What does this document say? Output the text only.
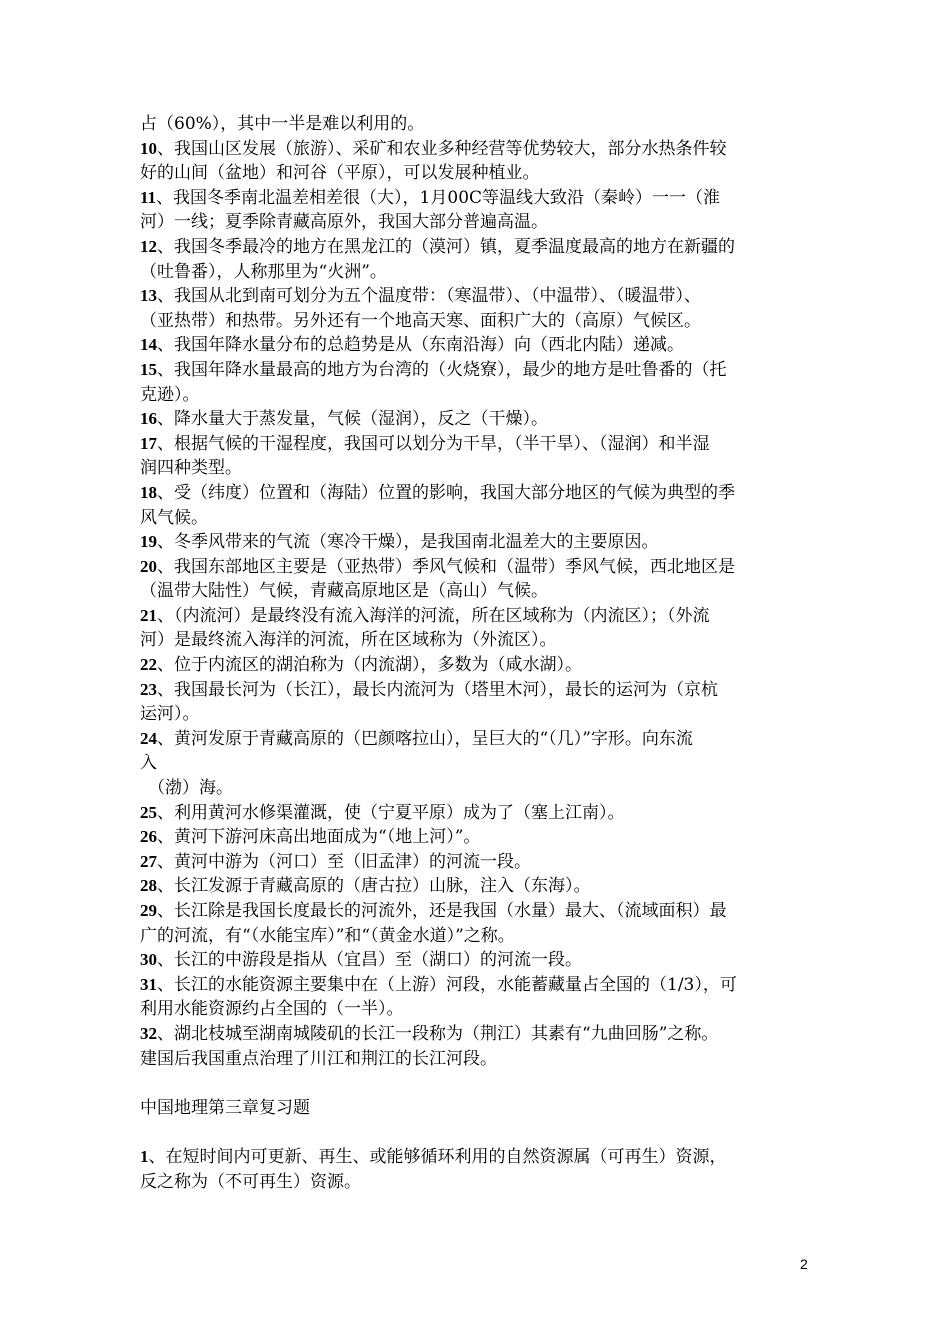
占（60%），其中一半是难以利用的。
10、我国山区发展（旅游）、采矿和农业多种经营等优势较大，部分水热条件较
好的山间（盆地）和河谷（平原），可以发展种植业。
11、我国冬季南北温差相差很（大），1月00C等温线大致沿（秦岭）一一（淮
河）一线；夏季除青藏高原外，我国大部分普遍高温。
12、我国冬季最冷的地方在黑龙江的（漠河）镇，夏季温度最高的地方在新疆的
（吐鲁番），人称那里为“火洲”。
13、我国从北到南可划分为五个温度带：（寒温带）、（中温带）、（暖温带）、
（亚热带）和热带。另外还有一个地高天寒、面积广大的（高原）气候区。
14、我国年降水量分布的总趋势是从（东南沿海）向（西北内陆）递减。
15、我国年降水量最高的地方为台湾的（火烧寮），最少的地方是吐鲁番的（托
克逊）。
16、降水量大于蒸发量，气候（湿润），反之（干燥）。
17、根据气候的干湿程度，我国可以划分为干旱，（半干旱）、（湿润）和半湿
润四种类型。
18、受（纬度）位置和（海陆）位置的影响，我国大部分地区的气候为典型的季
风气候。
19、冬季风带来的气流（寒冷干燥），是我国南北温差大的主要原因。
20、我国东部地区主要是（亚热带）季风气候和（温带）季风气候，西北地区是
（温带大陆性）气候，青藏高原地区是（高山）气候。
21、（内流河）是最终没有流入海洋的河流，所在区域称为（内流区）；（外流
河）是最终流入海洋的河流，所在区域称为（外流区）。
22、位于内流区的湖泊称为（内流湖），多数为（咸水湖）。
23、我国最长河为（长江），最长内流河为（塔里木河），最长的运河为（京杭
运河）。
24、黄河发原于青藏高原的（巴颜喀拉山），呈巨大的“（几）”字形。向东流
入
（渤）海。
25、利用黄河水修渠灌溉，使（宁夏平原）成为了（塞上江南）。
26、黄河下游河床高出地面成为“（地上河）”。
27、黄河中游为（河口）至（旧孟津）的河流一段。
28、长江发源于青藏高原的（唐古拉）山脉，注入（东海）。
29、长江除是我国长度最长的河流外，还是我国（水量）最大、（流域面积）最
广的河流，有“（水能宝库）”和“（黄金水道）”之称。
30、长江的中游段是指从（宜昌）至（湖口）的河流一段。
31、长江的水能资源主要集中在（上游）河段，水能蓄藏量占全国的（1/3），可
利用水能资源约占全国的（一半）。
32、湖北枝城至湖南城陵矶的长江一段称为（荆江）其素有“九曲回肠”之称。
建国后我国重点治理了川江和荆江的长江河段。
中国地理第三章复习题
1、在短时间内可更新、再生、或能够循环利用的自然资源属（可再生）资源，
反之称为（不可再生）资源。
2
